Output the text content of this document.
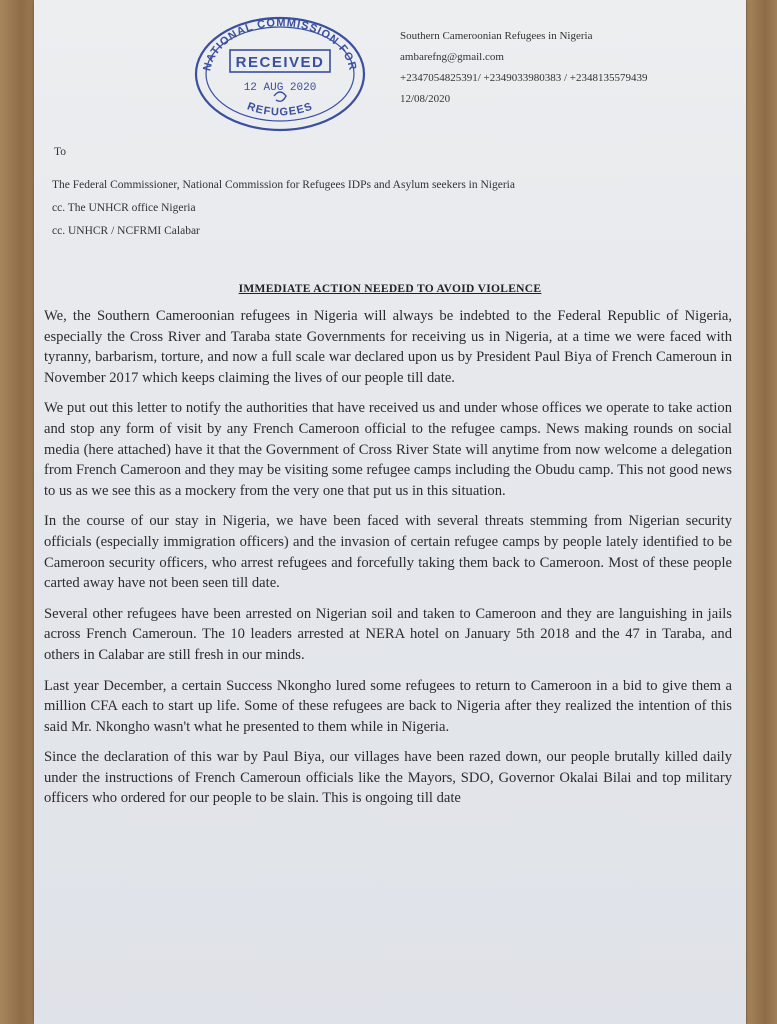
NATIONAL COMMISSION FOR
RECEIVED
12 AUG 2020
REFUGEES
Southern Cameroonian Refugees in Nigeria
ambarefng@gmail.com
+2347054825391/ +2349033980383 / +2348135579439
12/08/2020
To
The Federal Commissioner, National Commission for Refugees IDPs and Asylum seekers in Nigeria
cc. The UNHCR office Nigeria
cc. UNHCR / NCFRMI Calabar
IMMEDIATE ACTION NEEDED TO AVOID VIOLENCE

We, the Southern Cameroonian refugees in Nigeria will always be indebted to the Federal Republic of Nigeria, especially the Cross River and Taraba state Governments for receiving us in Nigeria, at a time we were faced with tyranny, barbarism, torture, and now a full scale war declared upon us by President Paul Biya of French Cameroun in November 2017 which keeps claiming the lives of our people till date.

We put out this letter to notify the authorities that have received us and under whose offices we operate to take action and stop any form of visit by any French Cameroon official to the refugee camps. News making rounds on social media (here attached) have it that the Government of Cross River State will anytime from now welcome a delegation from French Cameroon and they may be visiting some refugee camps including the Obudu camp. This not good news to us as we see this as a mockery from the very one that put us in this situation.

In the course of our stay in Nigeria, we have been faced with several threats stemming from Nigerian security officials (especially immigration officers) and the invasion of certain refugee camps by people lately identified to be Cameroon security officers, who arrest refugees and forcefully taking them back to Cameroon. Most of these people carted away have not been seen till date.

Several other refugees have been arrested on Nigerian soil and taken to Cameroon and they are languishing in jails across French Cameroun. The 10 leaders arrested at NERA hotel on January 5th 2018 and the 47 in Taraba, and others in Calabar are still fresh in our minds.

Last year December, a certain Success Nkongho lured some refugees to return to Cameroon in a bid to give them a million CFA each to start up life. Some of these refugees are back to Nigeria after they realized the intention of this said Mr. Nkongho wasn't what he presented to them while in Nigeria.

Since the declaration of this war by Paul Biya, our villages have been razed down, our people brutally killed daily under the instructions of French Cameroun officials like the Mayors, SDO, Governor Okalai Bilai and top military officers who ordered for our people to be slain. This is ongoing till date
